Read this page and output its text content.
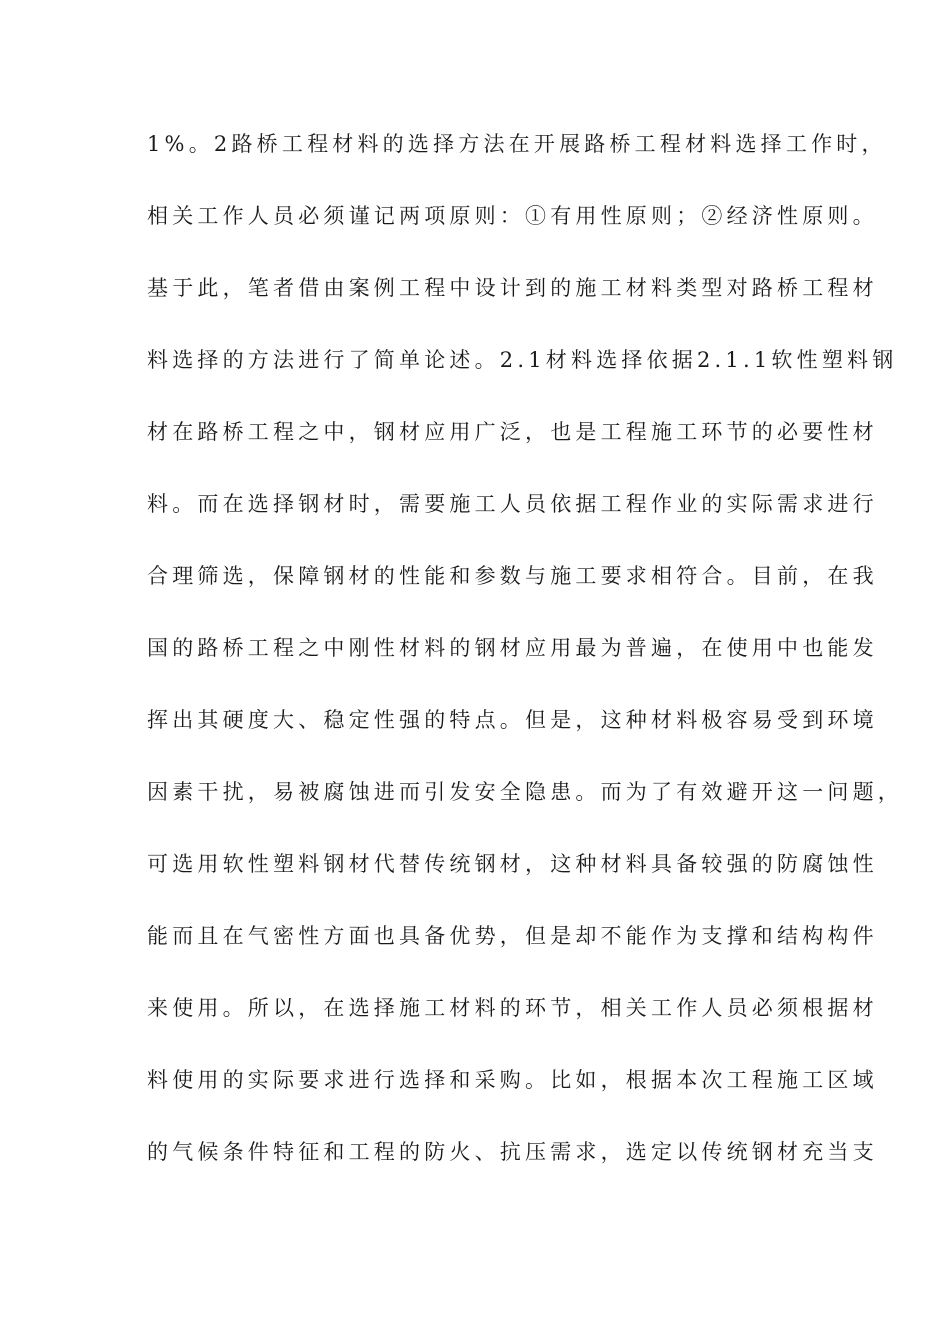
1%。2路桥工程材料的选择方法在开展路桥工程材料选择工作时，
相关工作人员必须谨记两项原则：①有用性原则；②经济性原则。
基于此，笔者借由案例工程中设计到的施工材料类型对路桥工程材
料选择的方法进行了简单论述。2.1材料选择依据2.1.1软性塑料钢
材在路桥工程之中，钢材应用广泛，也是工程施工环节的必要性材
料。而在选择钢材时，需要施工人员依据工程作业的实际需求进行
合理筛选，保障钢材的性能和参数与施工要求相符合。目前，在我
国的路桥工程之中刚性材料的钢材应用最为普遍，在使用中也能发
挥出其硬度大、稳定性强的特点。但是，这种材料极容易受到环境
因素干扰，易被腐蚀进而引发安全隐患。而为了有效避开这一问题，
可选用软性塑料钢材代替传统钢材，这种材料具备较强的防腐蚀性
能而且在气密性方面也具备优势，但是却不能作为支撑和结构构件
来使用。所以，在选择施工材料的环节，相关工作人员必须根据材
料使用的实际要求进行选择和采购。比如，根据本次工程施工区域
的气候条件特征和工程的防火、抗压需求，选定以传统钢材充当支
